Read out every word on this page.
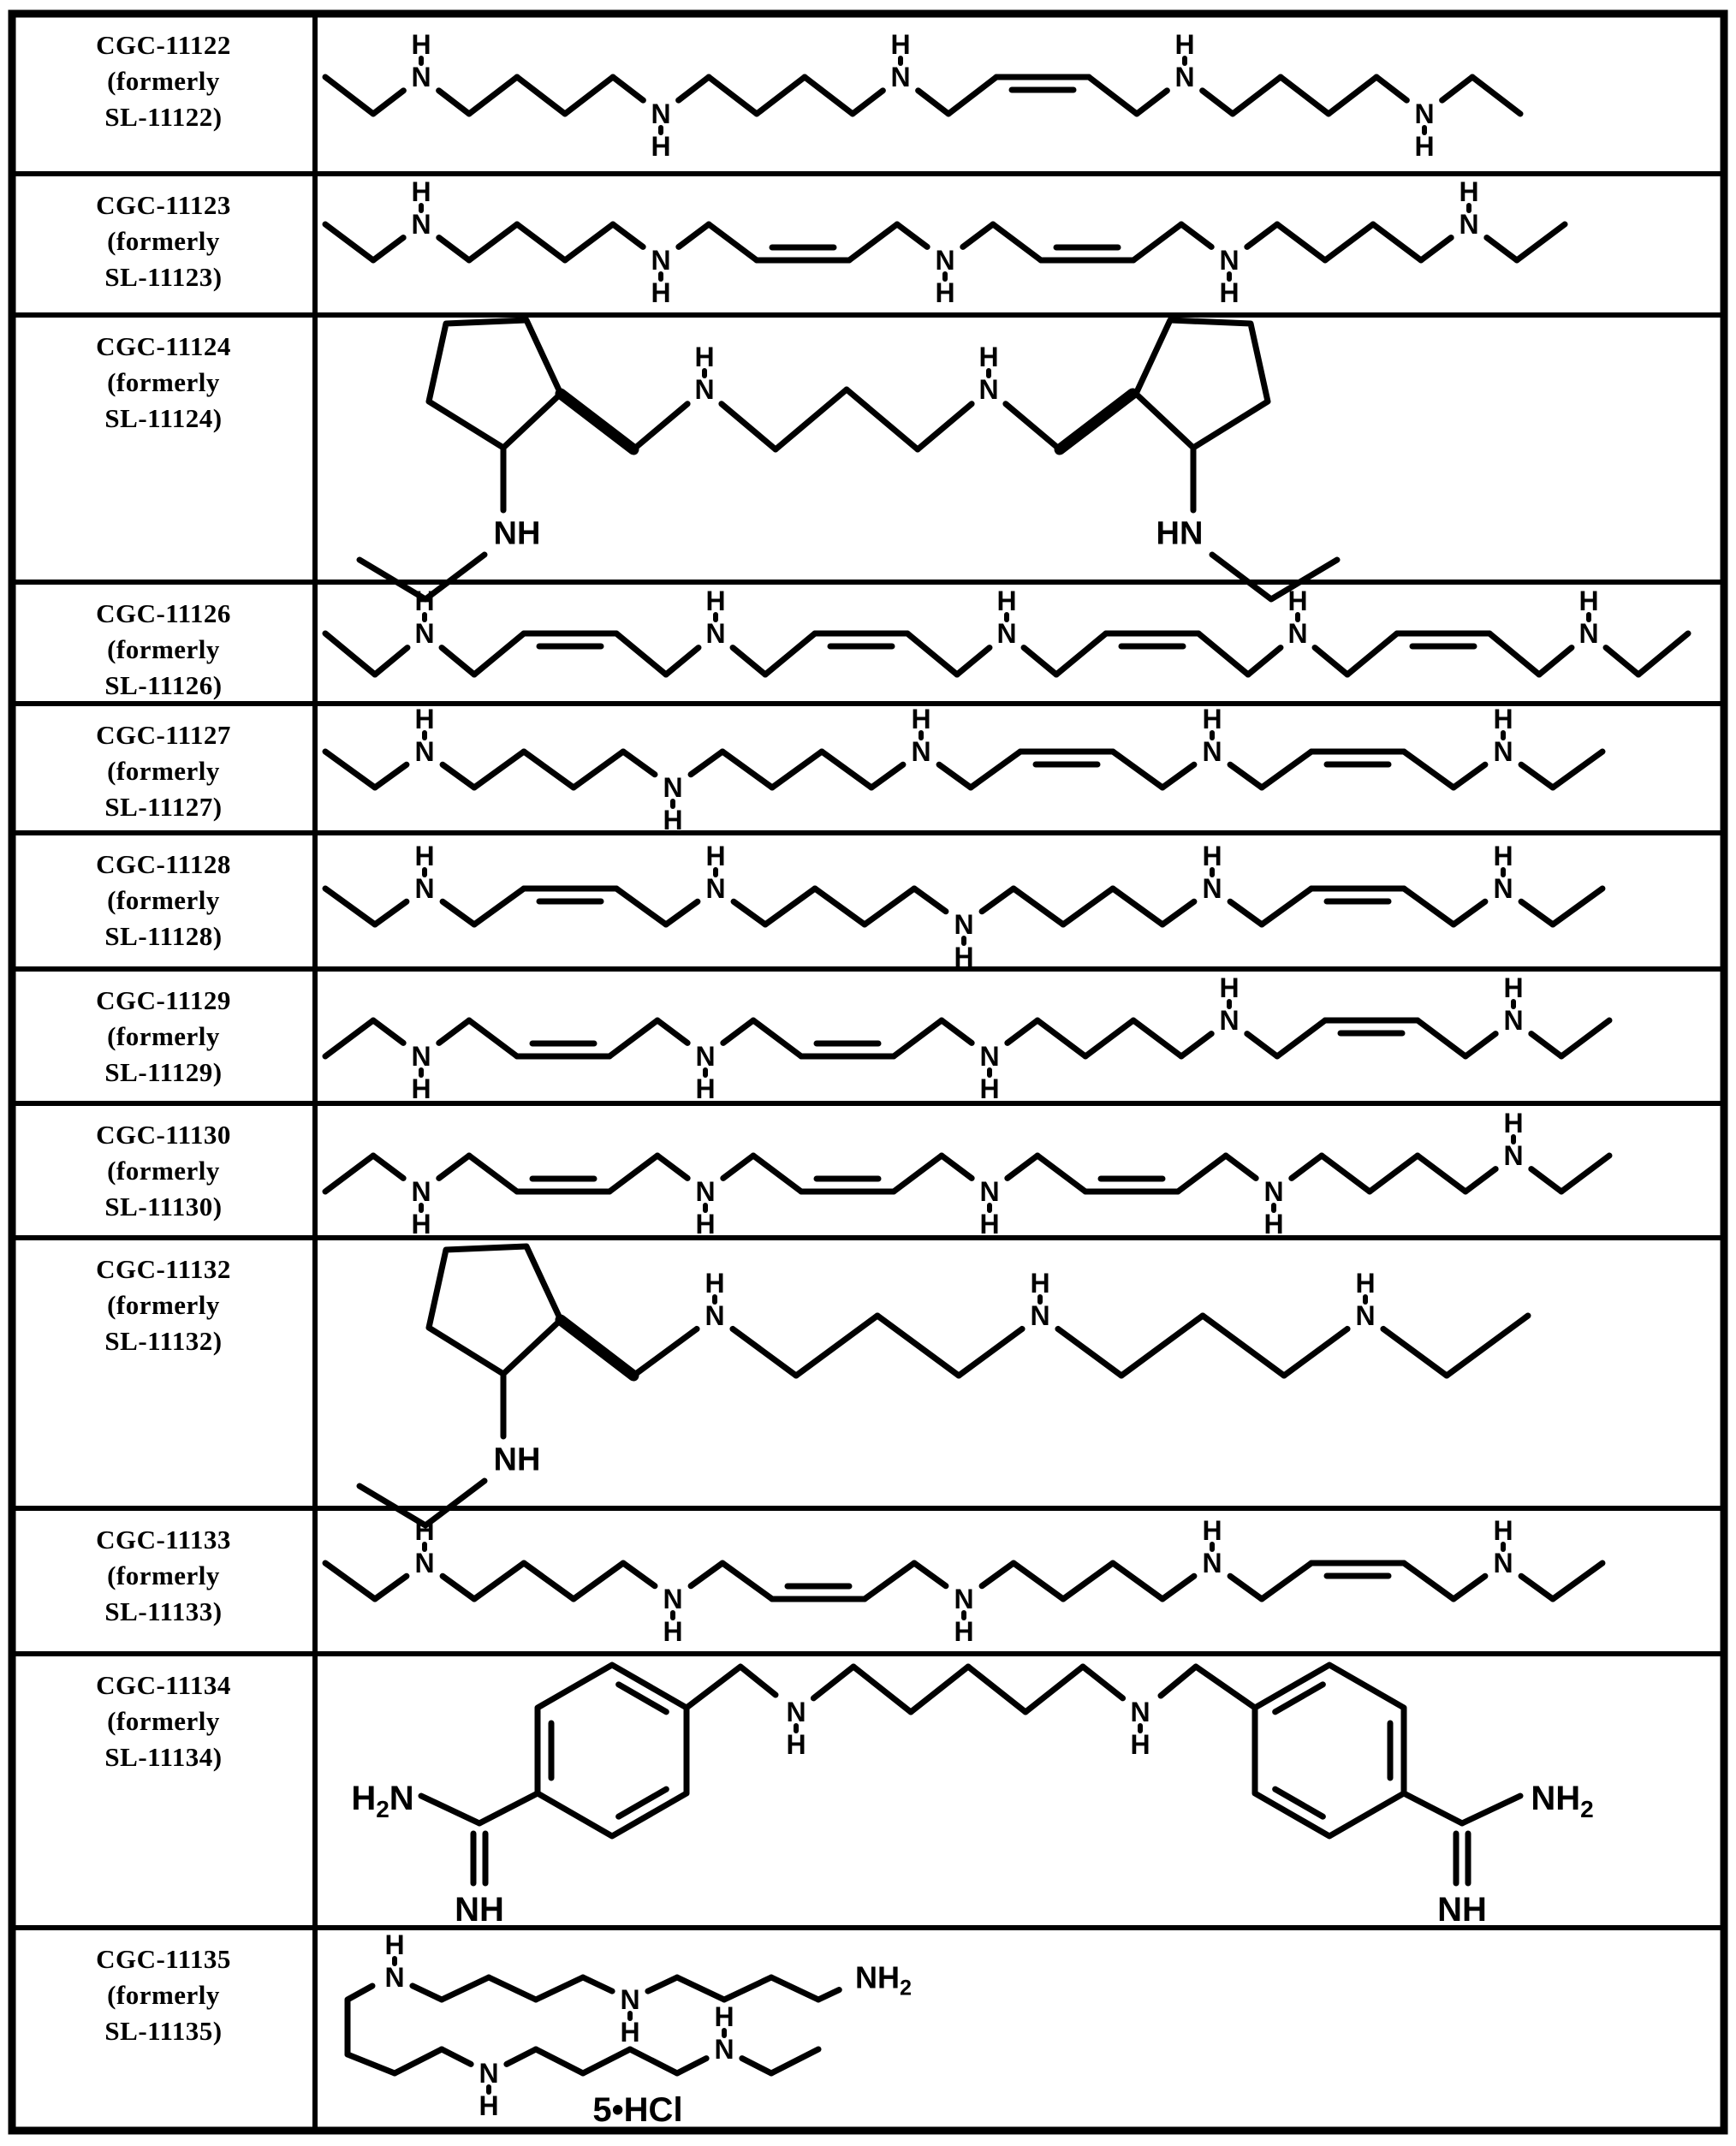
CGC-11122
(formerly
SL-11122)
CGC-11123
(formerly
SL-11123)
CGC-11124
(formerly
SL-11124)
CGC-11126
(formerly
SL-11126)
CGC-11127
(formerly
SL-11127)
CGC-11128
(formerly
SL-11128)
CGC-11129
(formerly
SL-11129)
CGC-11130
(formerly
SL-11130)
CGC-11132
(formerly
SL-11132)
CGC-11133
(formerly
SL-11133)
CGC-11134
(formerly
SL-11134)
CGC-11135
(formerly
SL-11135)
N
H
N
H
N
H
N
H
N
H
N
H
N
H
N
H
N
H
N
H
N
H
N
H
NH	HN
N
H
N
H
N
H
N
H
N
H
N
H
N
H
N
H
N
H
N
H
N
H
N
H
N
H
N
H
N
H
N
H
N
H
N
H
N
H
N
H
N
H
N
H
N
H
N
H
N
H
N
H
N
H
N
H
NH
N
H
N
H
N
H
N
H
N
H
N
H
N
H
$H_2N$
NH
$NH_2$
NH
N
H
N
H
$NH_2$
N
H
N
H
5•HCl
